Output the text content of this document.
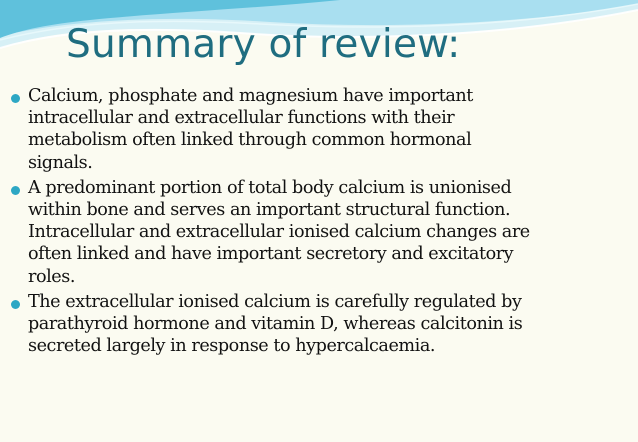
Summary of review:
Calcium, phosphate and magnesium have important
intracellular and extracellular functions with their
metabolism often linked through common hormonal
signals.
A predominant portion of total body calcium is unionised
within bone and serves an important structural function.
Intracellular and extracellular ionised calcium changes are
often linked and have important secretory and excitatory
roles.
The extracellular ionised calcium is carefully regulated by
parathyroid hormone and vitamin D, whereas calcitonin is
secreted largely in response to hypercalcaemia.
